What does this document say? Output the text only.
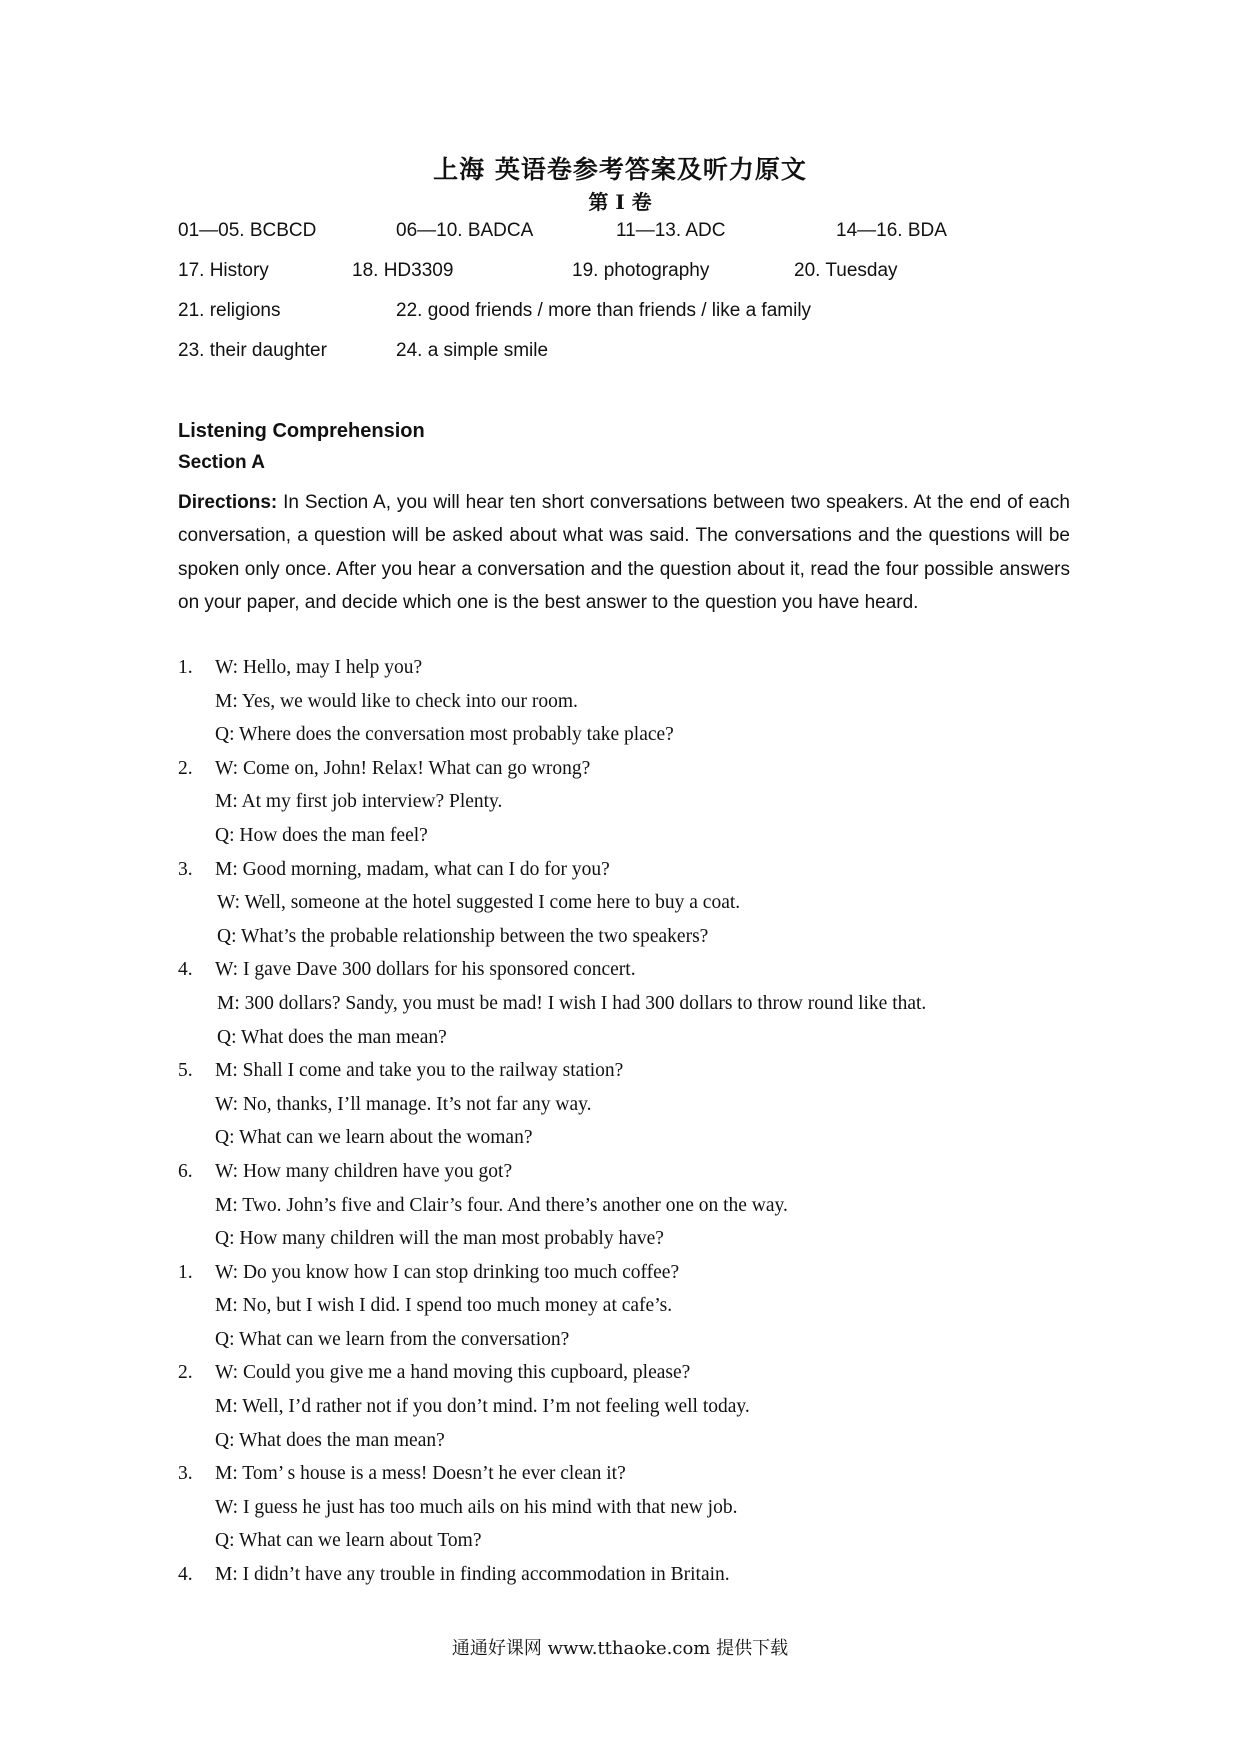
上海 英语卷参考答案及听力原文
第 I 卷
01—05. BCBCD	06—10. BADCA	11—13. ADC	14—16. BDA
17. History	18. HD3309	19. photography	20. Tuesday
21. religions	22. good friends / more than friends / like a family
23. their daughter	24. a simple smile
Listening Comprehension
Section A
Directions: In Section A, you will hear ten short conversations between two speakers. At the end of each conversation, a question will be asked about what was said. The conversations and the questions will be spoken only once. After you hear a conversation and the question about it, read the four possible answers on your paper, and decide which one is the best answer to the question you have heard.
1. W: Hello, may I help you?
M: Yes, we would like to check into our room.
Q: Where does the conversation most probably take place?
2. W: Come on, John! Relax! What can go wrong?
M: At my first job interview? Plenty.
Q: How does the man feel?
3. M: Good morning, madam, what can I do for you?
W: Well, someone at the hotel suggested I come here to buy a coat.
Q: What’s the probable relationship between the two speakers?
4. W: I gave Dave 300 dollars for his sponsored concert.
M: 300 dollars? Sandy, you must be mad! I wish I had 300 dollars to throw round like that.
Q: What does the man mean?
5. M: Shall I come and take you to the railway station?
W: No, thanks, I’ll manage. It’s not far any way.
Q: What can we learn about the woman?
6. W: How many children have you got?
M: Two. John’s five and Clair’s four. And there’s another one on the way.
Q: How many children will the man most probably have?
1. W: Do you know how I can stop drinking too much coffee?
M: No, but I wish I did. I spend too much money at cafe’s.
Q: What can we learn from the conversation?
2. W: Could you give me a hand moving this cupboard, please?
M: Well, I’d rather not if you don’t mind. I’m not feeling well today.
Q: What does the man mean?
3. M: Tom’ s house is a mess! Doesn’t he ever clean it?
W: I guess he just has too much ails on his mind with that new job.
Q: What can we learn about Tom?
4. M: I didn’t have any trouble in finding accommodation in Britain.
通通好课网 www.tthaoke.com 提供下载
